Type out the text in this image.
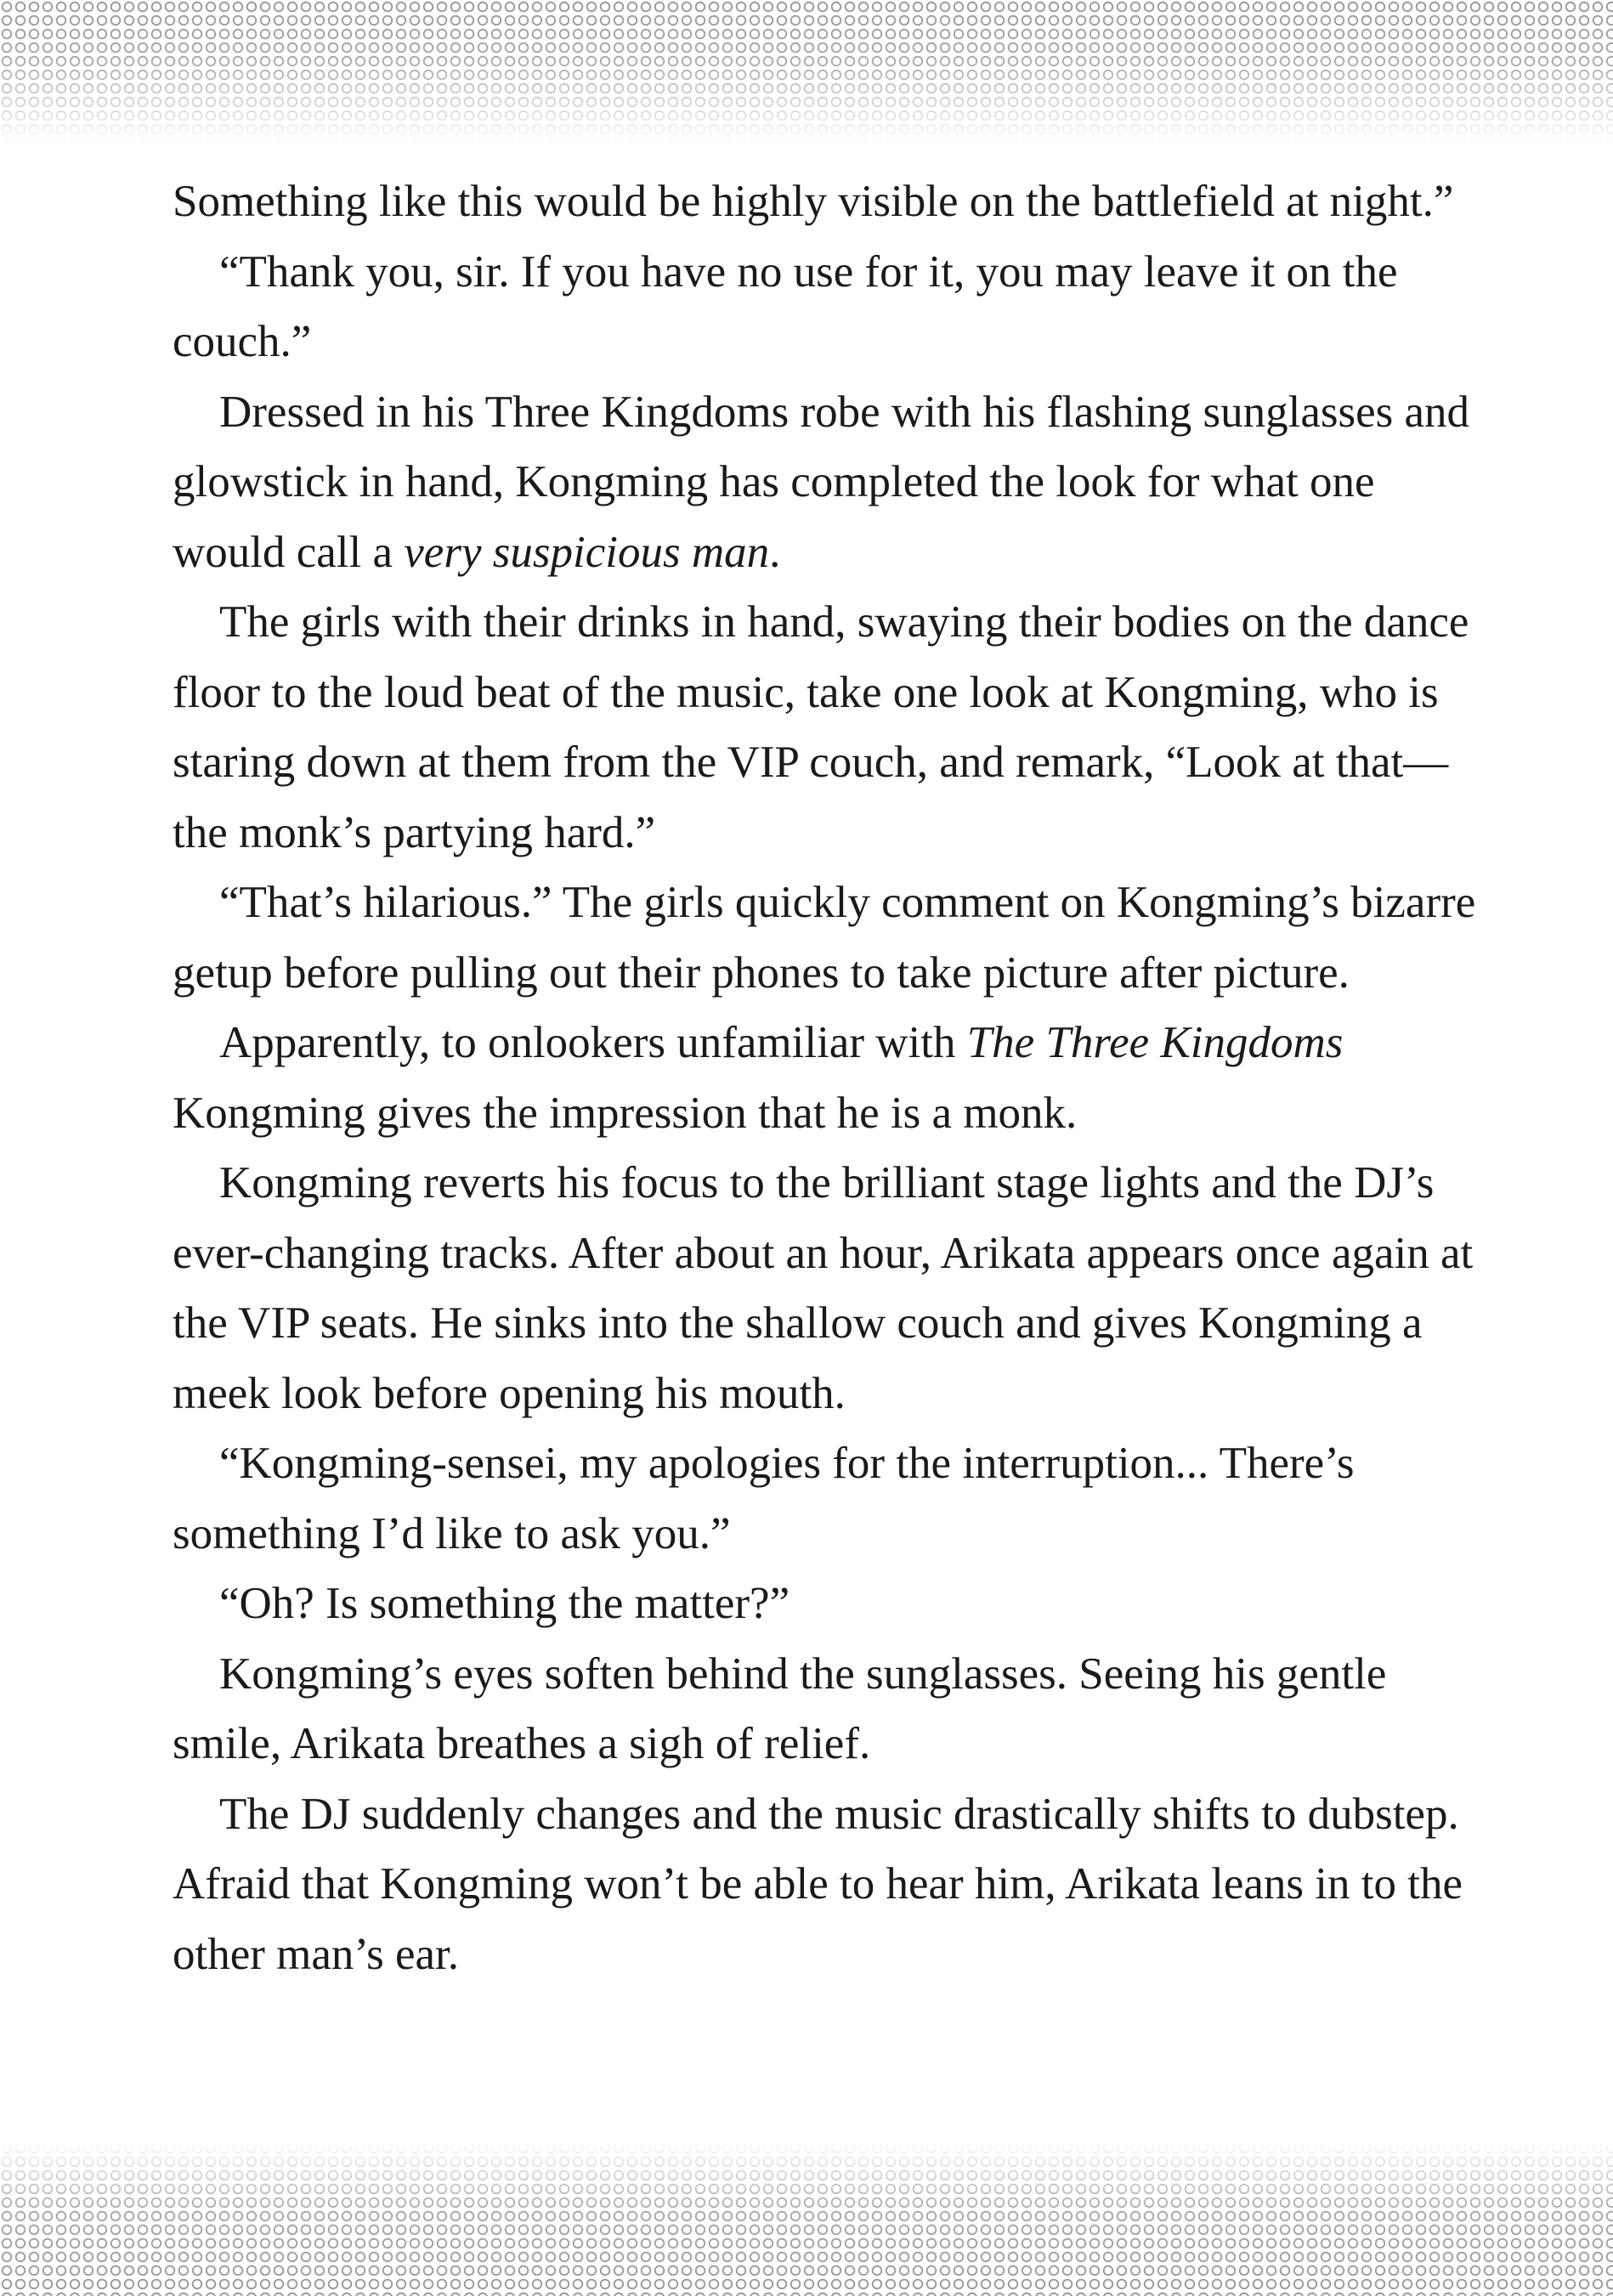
Something like this would be highly visible on the battlefield at night.”

“Thank you, sir. If you have no use for it, you may leave it on the couch.”

Dressed in his Three Kingdoms robe with his flashing sunglasses and glowstick in hand, Kongming has completed the look for what one would call a very suspicious man.

The girls with their drinks in hand, swaying their bodies on the dance floor to the loud beat of the music, take one look at Kongming, who is staring down at them from the VIP couch, and remark, “Look at that—the monk’s partying hard.”

“That’s hilarious.” The girls quickly comment on Kongming’s bizarre getup before pulling out their phones to take picture after picture.

Apparently, to onlookers unfamiliar with The Three Kingdoms Kongming gives the impression that he is a monk.

Kongming reverts his focus to the brilliant stage lights and the DJ’s ever-changing tracks. After about an hour, Arikata appears once again at the VIP seats. He sinks into the shallow couch and gives Kongming a meek look before opening his mouth.

“Kongming-sensei, my apologies for the interruption... There’s something I’d like to ask you.”

“Oh? Is something the matter?”

Kongming’s eyes soften behind the sunglasses. Seeing his gentle smile, Arikata breathes a sigh of relief.

The DJ suddenly changes and the music drastically shifts to dubstep. Afraid that Kongming won’t be able to hear him, Arikata leans in to the other man’s ear.
